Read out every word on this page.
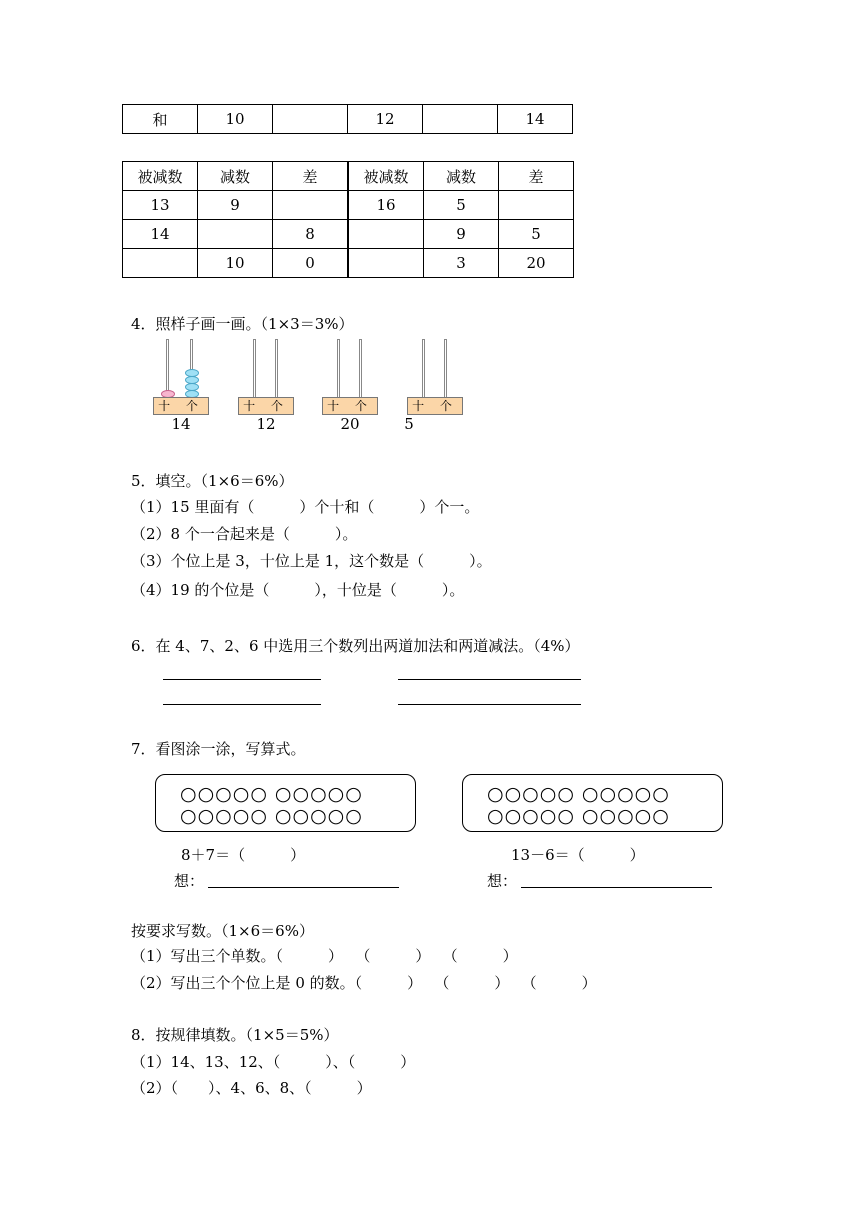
和	10		12		14
被减数	减数	差	被减数	减数	差
13	9		16	5	
14		8		9	5
	10	0		3	20
4．照样子画一画。（1×3＝3%）
十 个
14
十 个
12
十 个
20
十 个
5
5．填空。（1×6＝6%）
（1）15 里面有（　　　）个十和（　　　）个一。
（2）8 个一合起来是（　　　）。
（3）个位上是 3，十位上是 1，这个数是（　　　）。
（4）19 的个位是（　　　），十位是（　　　）。
6．在 4、7、2、6 中选用三个数列出两道加法和两道减法。（4%）
7．看图涂一涂，写算式。
○○○○○ ○○○○○
○○○○○ ○○○○○
○○○○○ ○○○○○
○○○○○ ○○○○○
8＋7＝（　　　）	13－6＝（　　　）
想：	想：
按要求写数。（1×6＝6%）
（1）写出三个单数。（　　　）　 （　　　）　 （　　　）
（2）写出三个个位上是 0 的数。（　　　）　 （　　　）　 （　　　）
8．按规律填数。（1×5＝5%）
（1）14、13、12、（　　　）、（　　　）
（2）（　　）、4、6、8、（　　　）
